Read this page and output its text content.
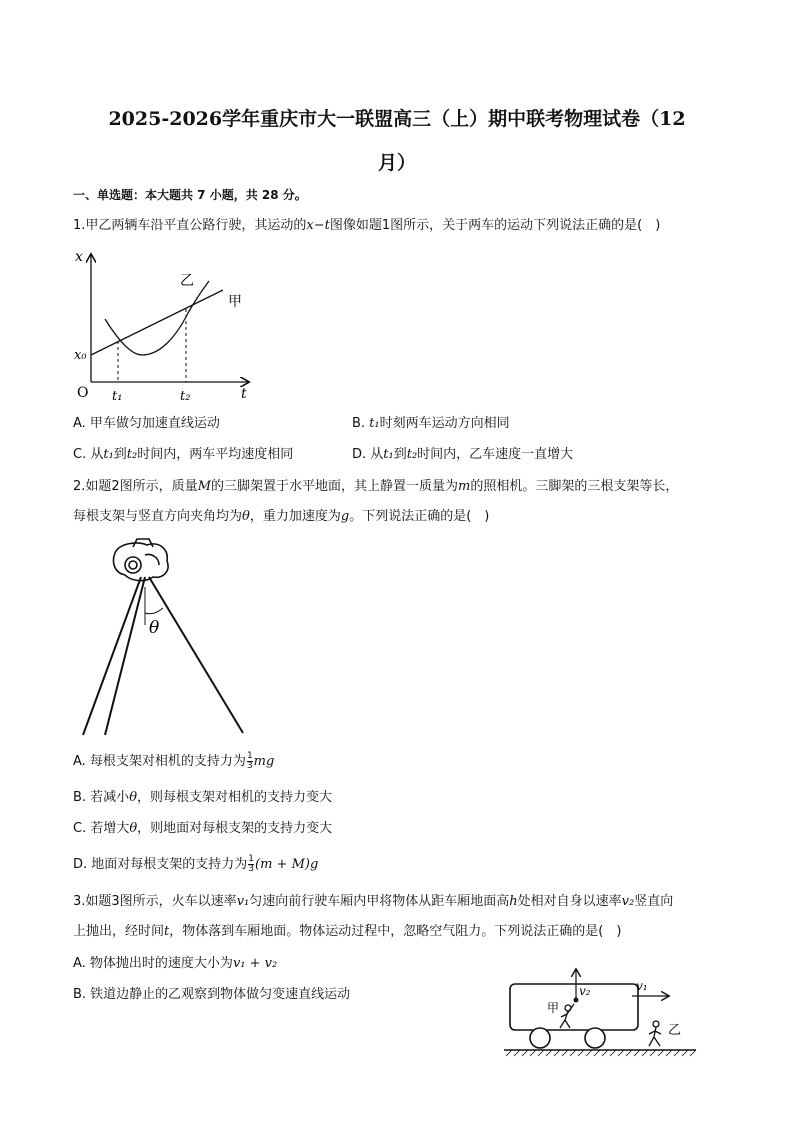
2025-2026学年重庆市大一联盟高三（上）期中联考物理试卷（12
月）
一、单选题：本大题共 7 小题，共 28 分。
1.甲乙两辆车沿平直公路行驶，其运动的x−t图像如题1图所示，关于两车的运动下列说法正确的是(　)
x
t
O
x₀
t₁	t₂
乙
甲
A. 甲车做匀加速直线运动	B. t₁时刻两车运动方向相同
C. 从t₁到t₂时间内，两车平均速度相同	D. 从t₁到t₂时间内，乙车速度一直增大
2.如题2图所示，质量M的三脚架置于水平地面，其上静置一质量为m的照相机。三脚架的三根支架等长，
每根支架与竖直方向夹角均为θ，重力加速度为g。下列说法正确的是(　)
θ
A. 每根支架对相机的支持力为 $\frac{1}{3}$ mg
B. 若减小θ，则每根支架对相机的支持力变大
C. 若增大θ，则地面对每根支架的支持力变大
D. 地面对每根支架的支持力为 $\frac{1}{3} (m + M)g$
3.如题3图所示，火车以速率v₁匀速向前行驶车厢内甲将物体从距车厢地面高h处相对自身以速率v₂竖直向
上抛出，经时间t，物体落到车厢地面。物体运动过程中，忽略空气阻力。下列说法正确的是(　)
A. 物体抛出时的速度大小为v₁ + v₂
B. 铁道边静止的乙观察到物体做匀变速直线运动	v₂	v₁
甲
乙
